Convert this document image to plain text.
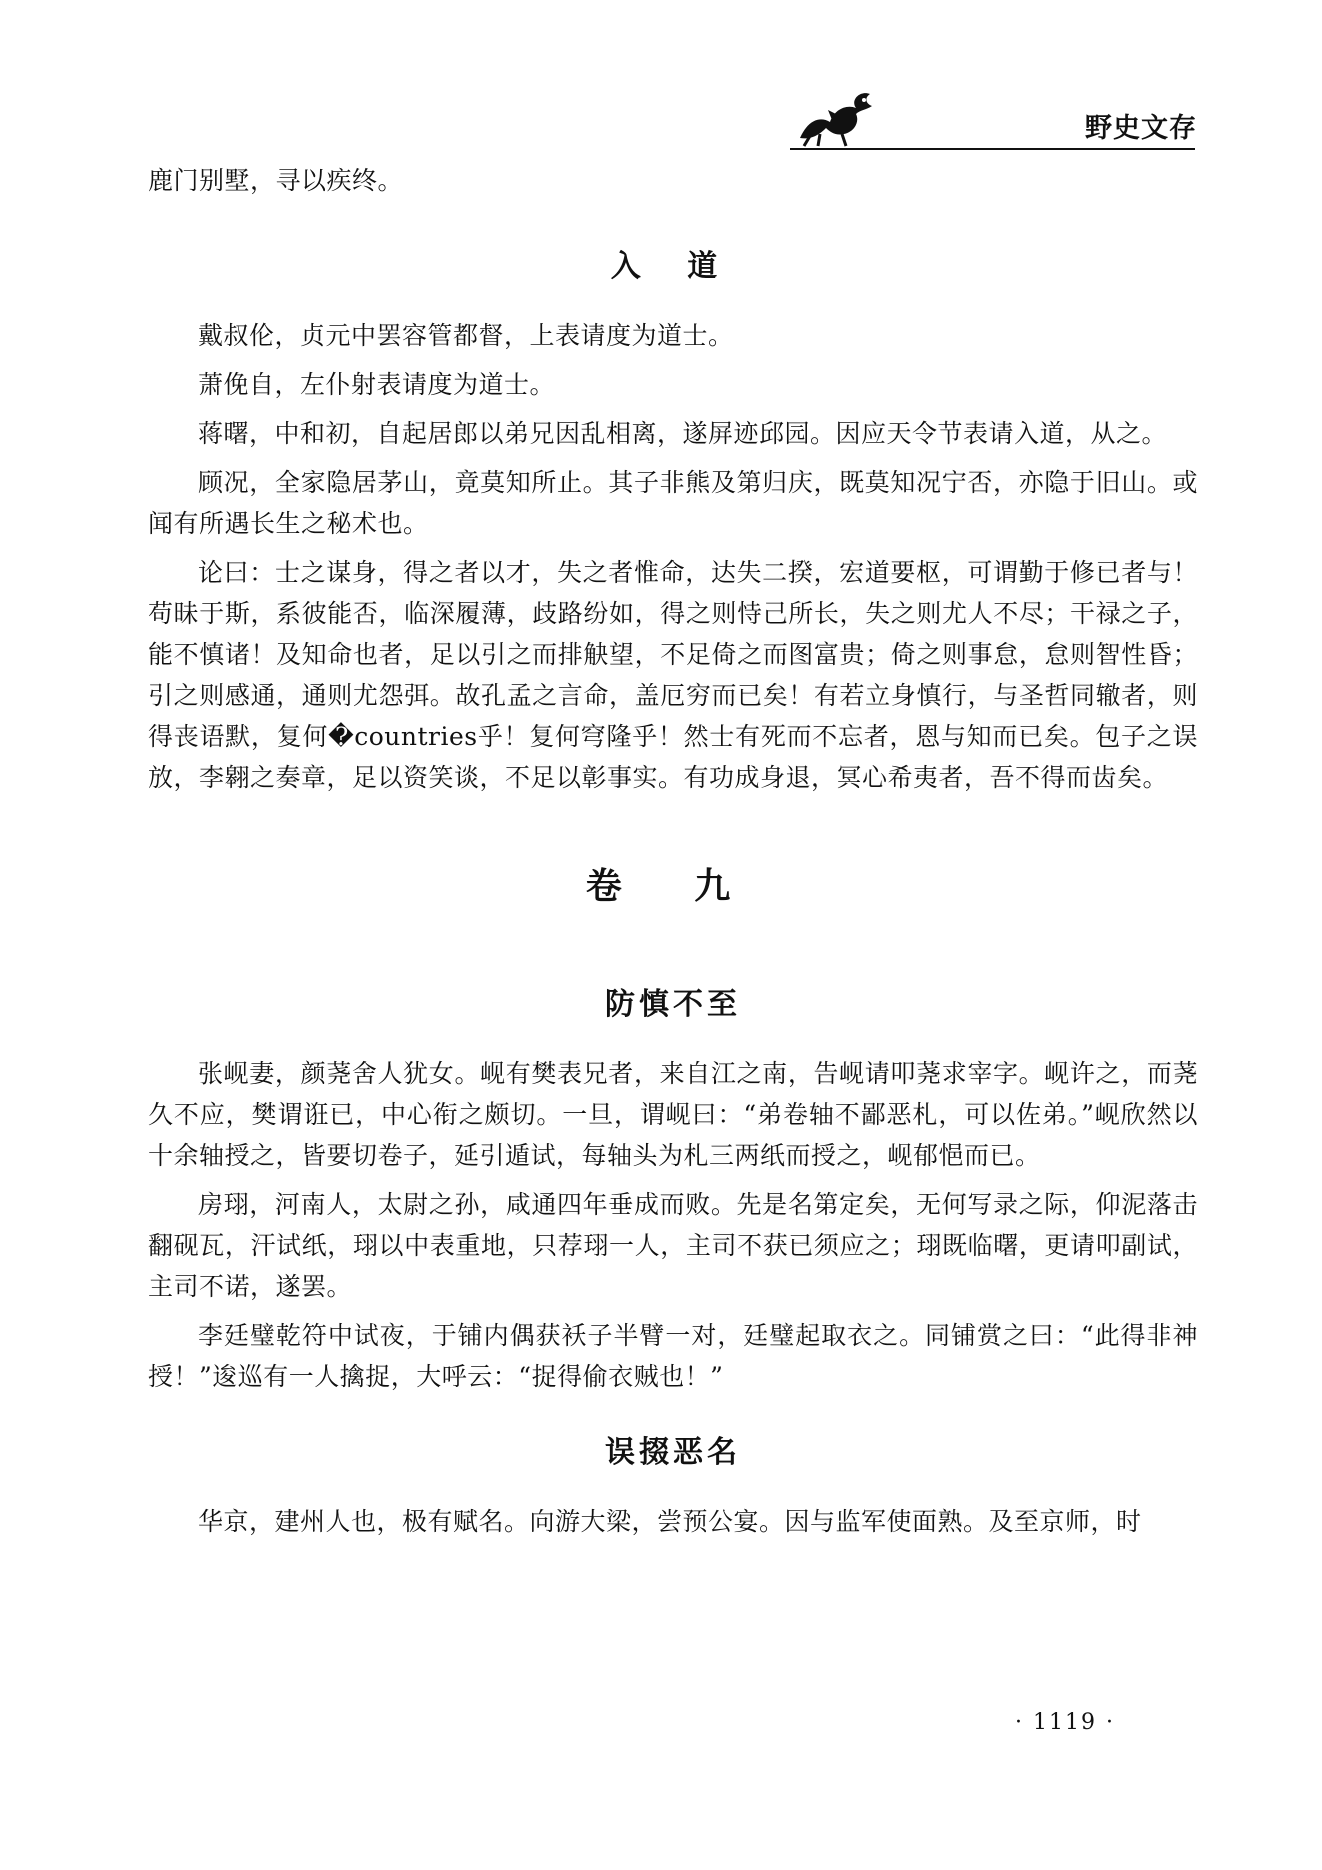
野史文存

鹿门别墅，寻以疾终。

入 道

戴叔伦，贞元中罢容管都督，上表请度为道士。

萧俛自，左仆射表请度为道士。

蒋曙，中和初，自起居郎以弟兄因乱相离，遂屏迹邱园。因应天令节表请入道，从之。

顾况，全家隐居茅山，竟莫知所止。其子非熊及第归庆，既莫知况宁否，亦隐于旧山。或闻有所遇长生之秘术也。

论曰：士之谋身，得之者以才，失之者惟命，达失二揆，宏道要枢，可谓勤于修已者与！苟昧于斯，系彼能否，临深履薄，歧路纷如，得之则恃己所长，失之则尤人不尽；干禄之子，能不慎诸！及知命也者，足以引之而排觖望，不足倚之而图富贵；倚之则事怠，怠则智性昏；引之则感通，通则尤怨弭。故孔孟之言命，盖厄穷而已矣！有若立身慎行，与圣哲同辙者，则得丧语默，复何�countries乎！复何穹隆乎！然士有死而不忘者，恩与知而已矣。包子之误放，李翱之奏章，足以资笑谈，不足以彰事实。有功成身退，冥心希夷者，吾不得而齿矣。

卷 九
防慎不至

张岘妻，颜荛舍人犹女。岘有樊表兄者，来自江之南，告岘请叩荛求宰字。岘许之，而荛久不应，樊谓诳已，中心衔之颇切。一旦，谓岘曰：“弟卷轴不鄙恶札，可以佐弟。”岘欣然以十余轴授之，皆要切卷子，延引遁试，每轴头为札三两纸而授之，岘郁悒而已。

房珝，河南人，太尉之孙，咸通四年垂成而败。先是名第定矣，无何写录之际，仰泥落击翻砚瓦，汗试纸，珝以中表重地，只荐珝一人，主司不获已须应之；珝既临曙，更请叩副试，主司不诺，遂罢。

李廷璧乾符中试夜，于铺内偶获袄子半臂一对，廷璧起取衣之。同铺赏之曰：“此得非神授！”逡巡有一人擒捉，大呼云：“捉得偷衣贼也！”

误掇恶名

华京，建州人也，极有赋名。向游大梁，尝预公宴。因与监军使面熟。及至京师，时

· 1119 ·
